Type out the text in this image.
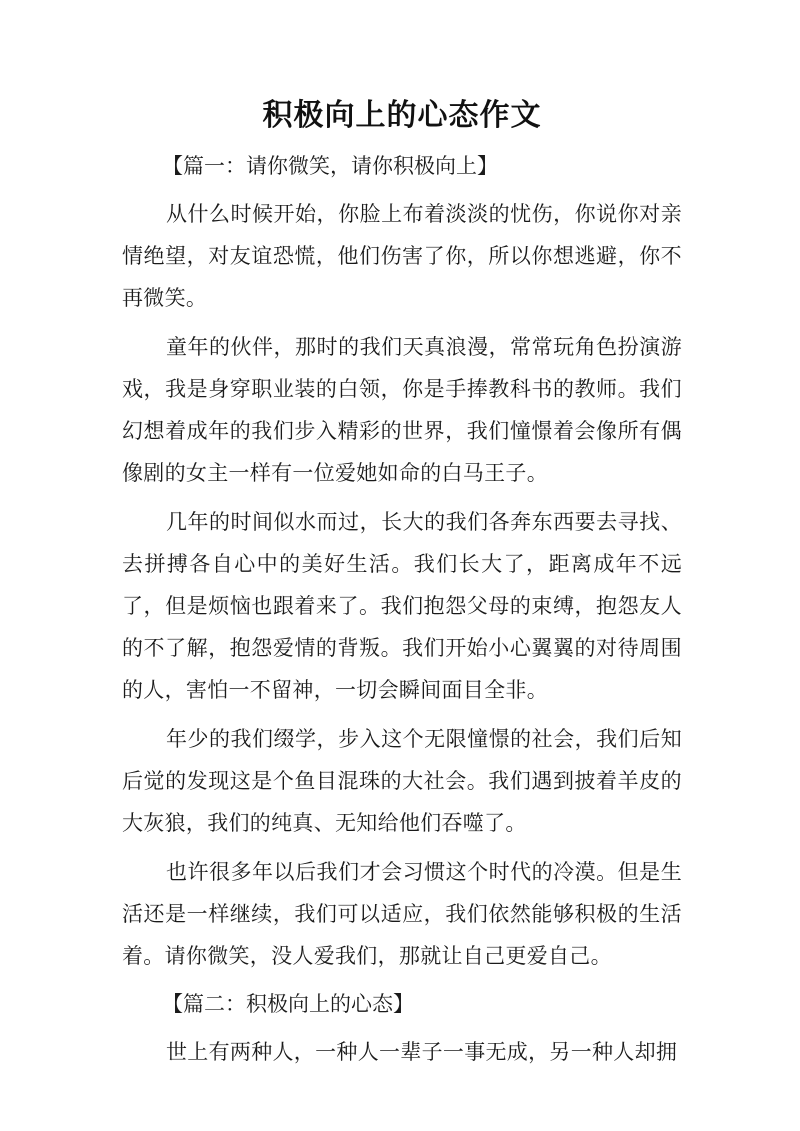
积极向上的心态作文
【篇一：请你微笑，请你积极向上】

从什么时候开始，你脸上布着淡淡的忧伤，你说你对亲情绝望，对友谊恐慌，他们伤害了你，所以你想逃避，你不再微笑。

童年的伙伴，那时的我们天真浪漫，常常玩角色扮演游戏，我是身穿职业装的白领，你是手捧教科书的教师。我们幻想着成年的我们步入精彩的世界，我们憧憬着会像所有偶像剧的女主一样有一位爱她如命的白马王子。

几年的时间似水而过，长大的我们各奔东西要去寻找、去拼搏各自心中的美好生活。我们长大了，距离成年不远了，但是烦恼也跟着来了。我们抱怨父母的束缚，抱怨友人的不了解，抱怨爱情的背叛。我们开始小心翼翼的对待周围的人，害怕一不留神，一切会瞬间面目全非。

年少的我们缀学，步入这个无限憧憬的社会，我们后知后觉的发现这是个鱼目混珠的大社会。我们遇到披着羊皮的大灰狼，我们的纯真、无知给他们吞噬了。

也许很多年以后我们才会习惯这个时代的冷漠。但是生活还是一样继续，我们可以适应，我们依然能够积极的生活着。请你微笑，没人爱我们，那就让自己更爱自己。

【篇二：积极向上的心态】

世上有两种人，一种人一辈子一事无成，另一种人却拥
